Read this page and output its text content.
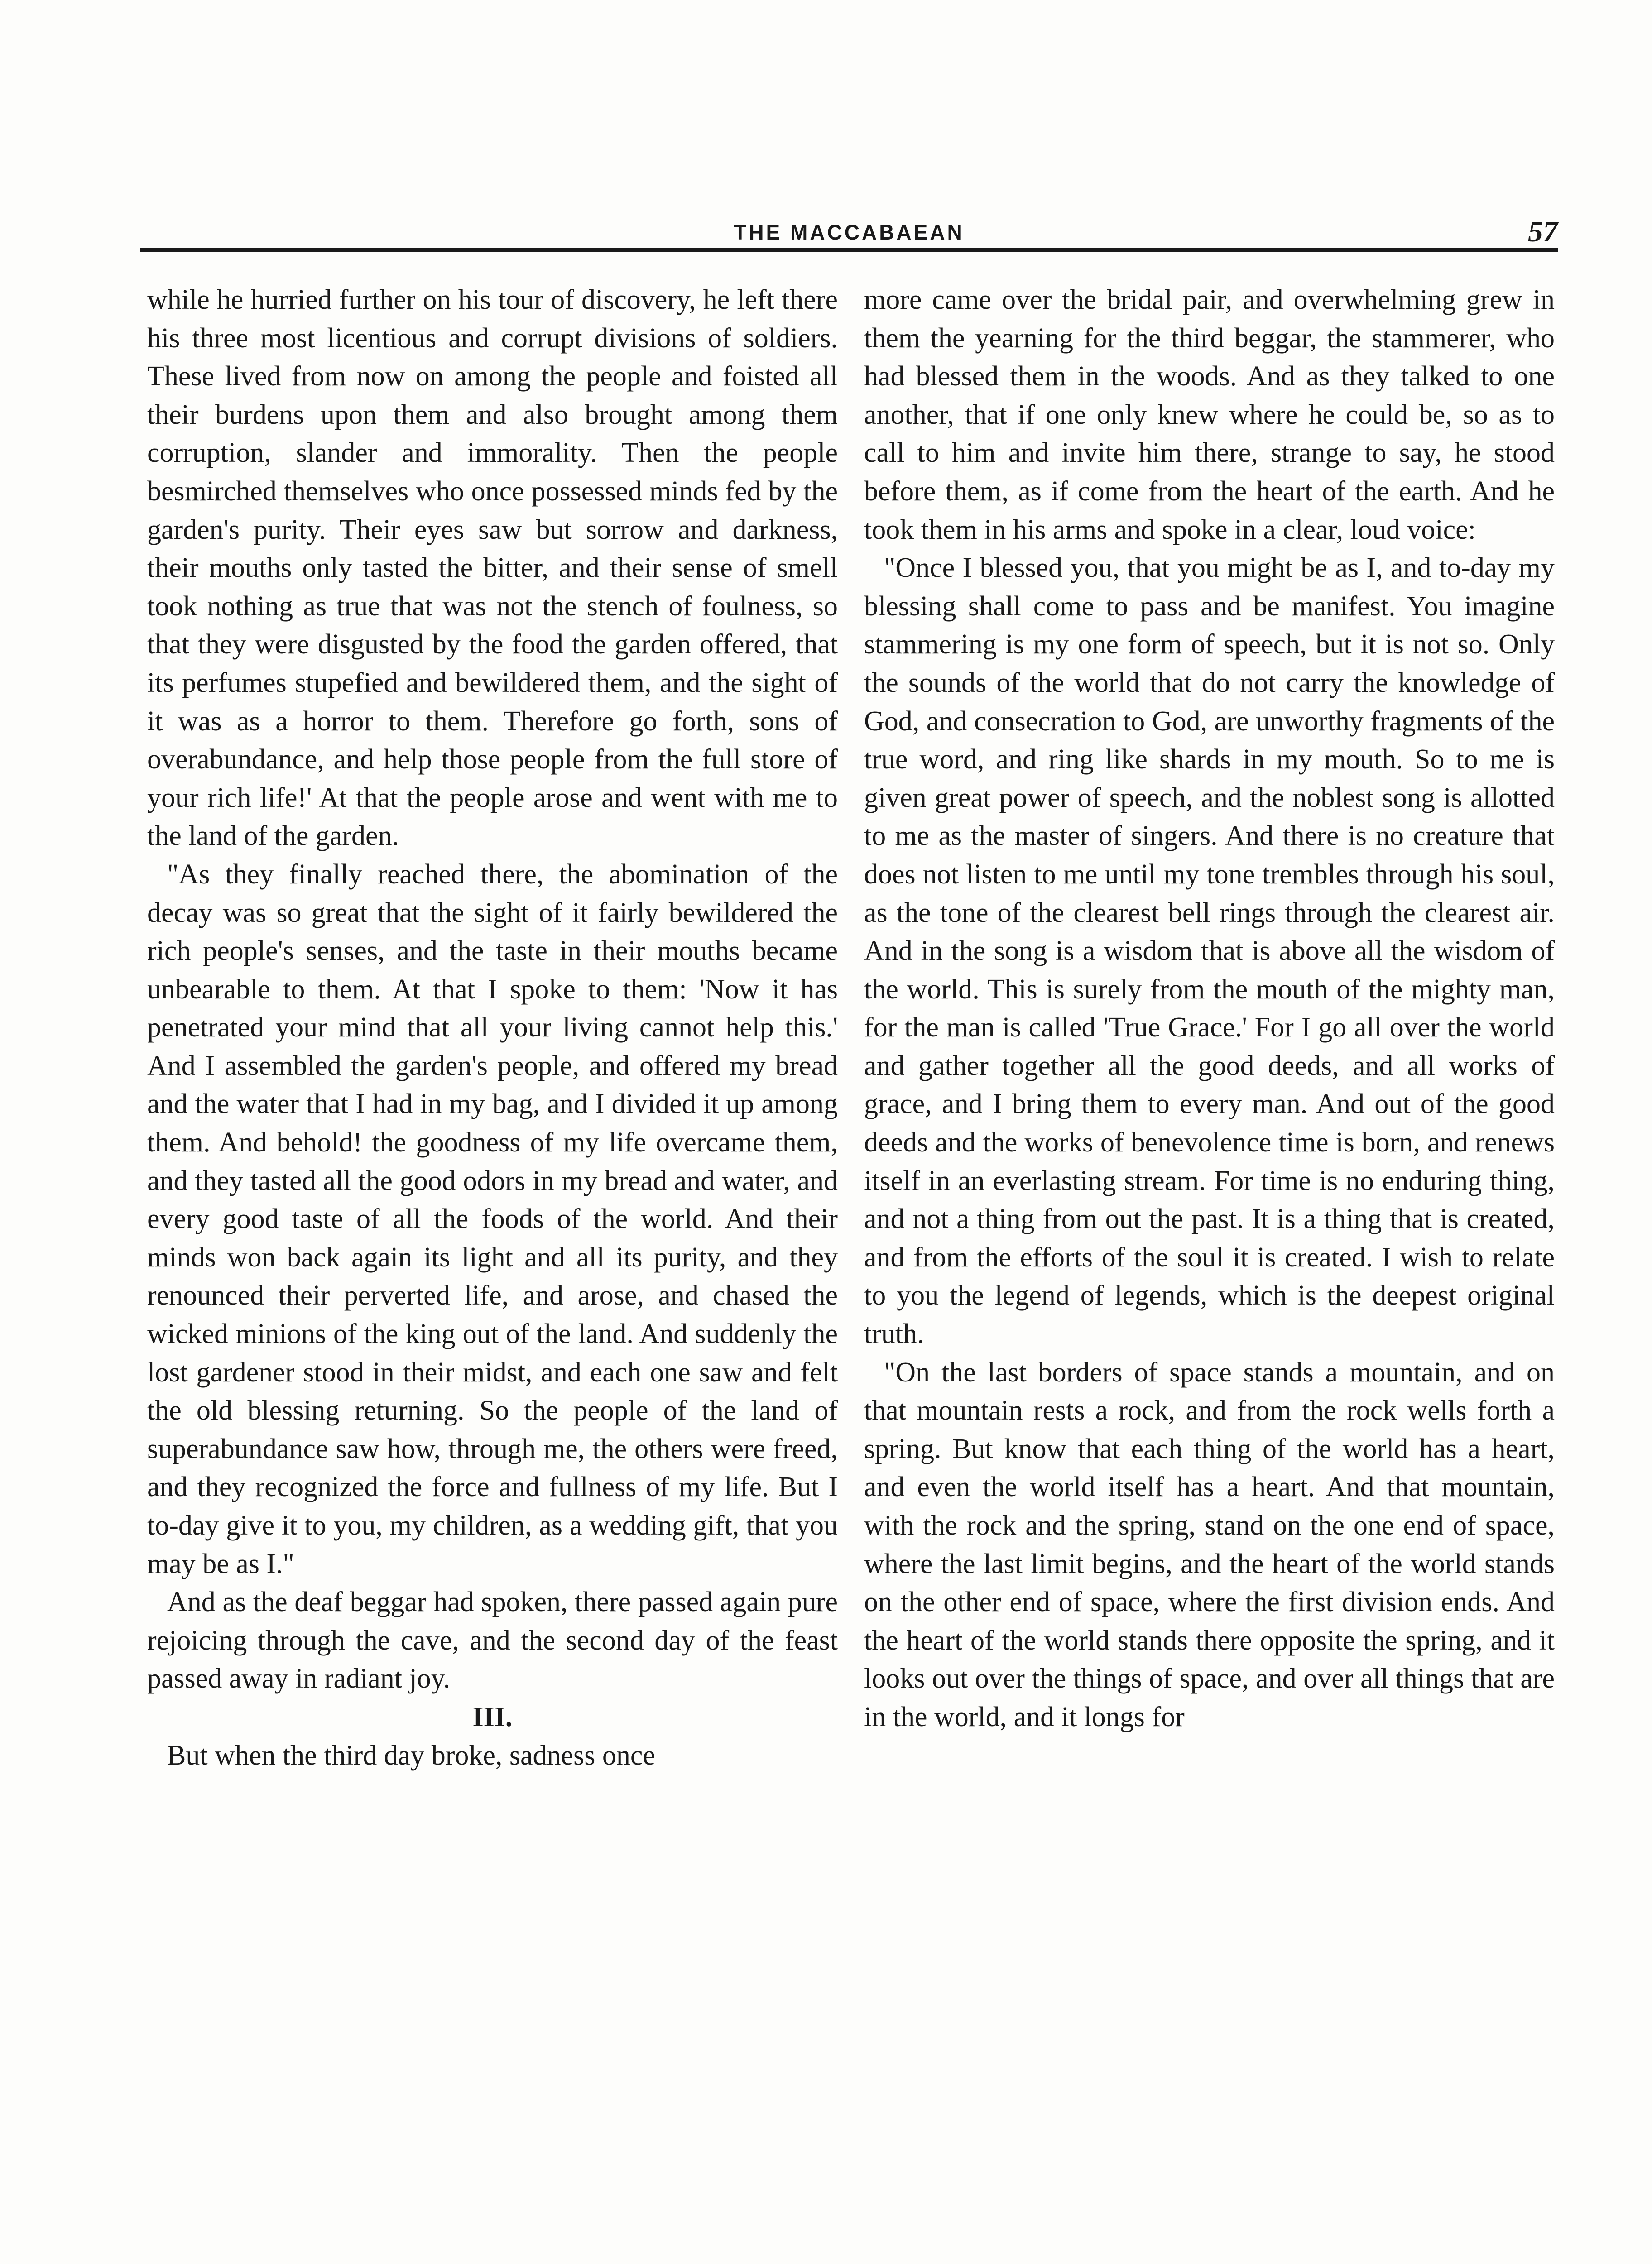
THE MACCABAEAN	57

while he hurried further on his tour of discovery, he left there his three most licentious and corrupt divisions of soldiers. These lived from now on among the people and foisted all their burdens upon them and also brought among them corruption, slander and immorality. Then the people besmirched themselves who once possessed minds fed by the garden's purity. Their eyes saw but sorrow and darkness, their mouths only tasted the bitter, and their sense of smell took nothing as true that was not the stench of foulness, so that they were disgusted by the food the garden offered, that its perfumes stupefied and bewildered them, and the sight of it was as a horror to them. Therefore go forth, sons of overabundance, and help those people from the full store of your rich life!' At that the people arose and went with me to the land of the garden.

"As they finally reached there, the abomination of the decay was so great that the sight of it fairly bewildered the rich people's senses, and the taste in their mouths became unbearable to them. At that I spoke to them: 'Now it has penetrated your mind that all your living cannot help this.' And I assembled the garden's people, and offered my bread and the water that I had in my bag, and I divided it up among them. And behold! the goodness of my life overcame them, and they tasted all the good odors in my bread and water, and every good taste of all the foods of the world. And their minds won back again its light and all its purity, and they renounced their perverted life, and arose, and chased the wicked minions of the king out of the land. And suddenly the lost gardener stood in their midst, and each one saw and felt the old blessing returning. So the people of the land of superabundance saw how, through me, the others were freed, and they recognized the force and fullness of my life. But I to-day give it to you, my children, as a wedding gift, that you may be as I."

And as the deaf beggar had spoken, there passed again pure rejoicing through the cave, and the second day of the feast passed away in radiant joy.

III.

But when the third day broke, sadness once

more came over the bridal pair, and overwhelming grew in them the yearning for the third beggar, the stammerer, who had blessed them in the woods. And as they talked to one another, that if one only knew where he could be, so as to call to him and invite him there, strange to say, he stood before them, as if come from the heart of the earth. And he took them in his arms and spoke in a clear, loud voice:

"Once I blessed you, that you might be as I, and to-day my blessing shall come to pass and be manifest. You imagine stammering is my one form of speech, but it is not so. Only the sounds of the world that do not carry the knowledge of God, and consecration to God, are unworthy fragments of the true word, and ring like shards in my mouth. So to me is given great power of speech, and the noblest song is allotted to me as the master of singers. And there is no creature that does not listen to me until my tone trembles through his soul, as the tone of the clearest bell rings through the clearest air. And in the song is a wisdom that is above all the wisdom of the world. This is surely from the mouth of the mighty man, for the man is called 'True Grace.' For I go all over the world and gather together all the good deeds, and all works of grace, and I bring them to every man. And out of the good deeds and the works of benevolence time is born, and renews itself in an everlasting stream. For time is no enduring thing, and not a thing from out the past. It is a thing that is created, and from the efforts of the soul it is created. I wish to relate to you the legend of legends, which is the deepest original truth.

"On the last borders of space stands a mountain, and on that mountain rests a rock, and from the rock wells forth a spring. But know that each thing of the world has a heart, and even the world itself has a heart. And that mountain, with the rock and the spring, stand on the one end of space, where the last limit begins, and the heart of the world stands on the other end of space, where the first division ends. And the heart of the world stands there opposite the spring, and it looks out over the things of space, and over all things that are in the world, and it longs for
